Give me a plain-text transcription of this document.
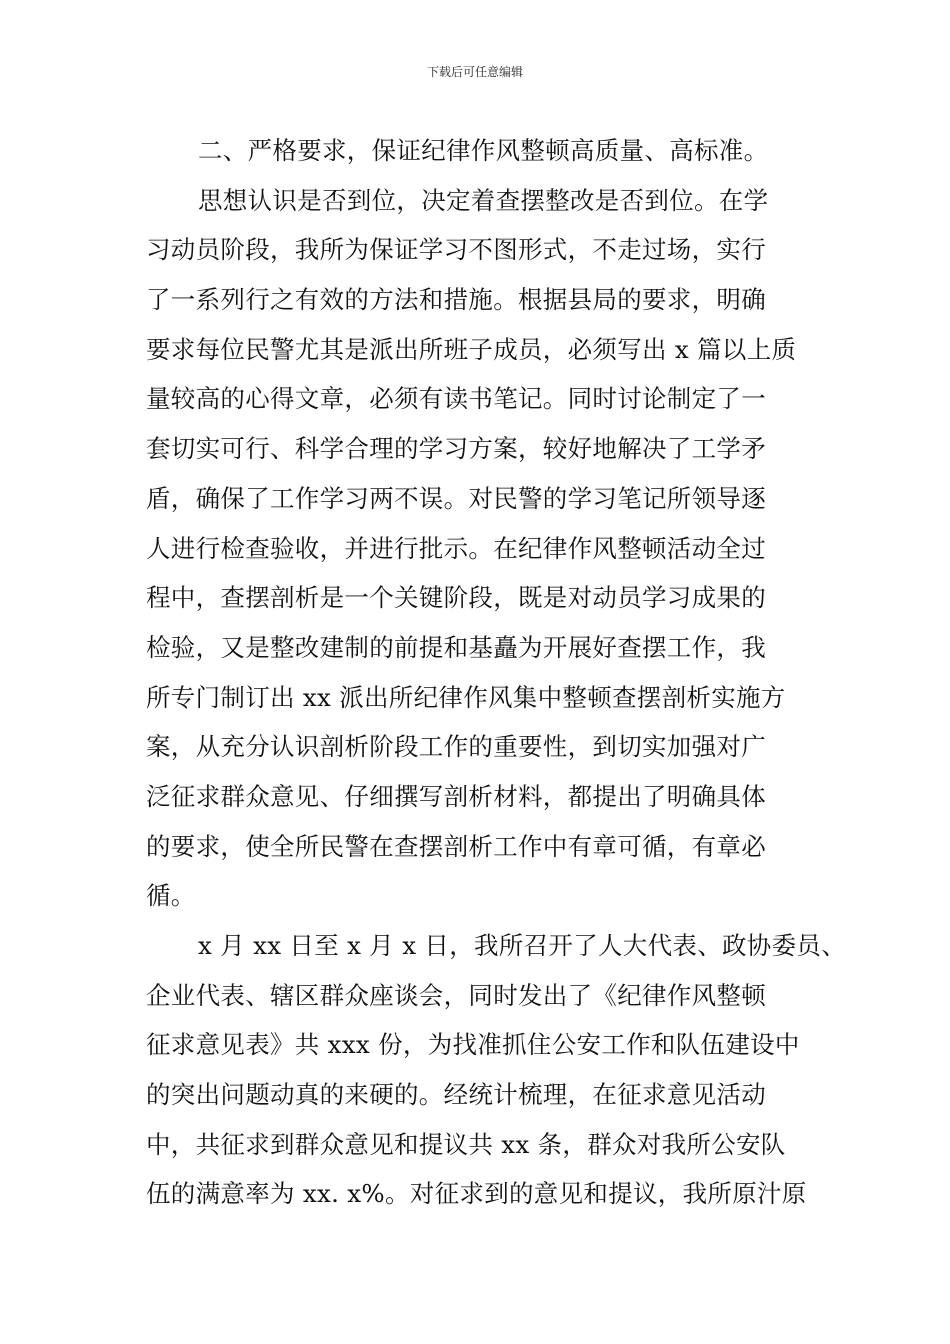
下载后可任意编辑
二、严格要求，保证纪律作风整顿高质量、高标准。
思想认识是否到位，决定着查摆整改是否到位。在学
习动员阶段，我所为保证学习不图形式，不走过场，实行
了一系列行之有效的方法和措施。根据县局的要求，明确
要求每位民警尤其是派出所班子成员，必须写出 x 篇以上质
量较高的心得文章，必须有读书笔记。同时讨论制定了一
套切实可行、科学合理的学习方案，较好地解决了工学矛
盾，确保了工作学习两不误。对民警的学习笔记所领导逐
人进行检查验收，并进行批示。在纪律作风整顿活动全过
程中，查摆剖析是一个关键阶段，既是对动员学习成果的
检验，又是整改建制的前提和基矗为开展好查摆工作，我
所专门制订出 xx 派出所纪律作风集中整顿查摆剖析实施方
案，从充分认识剖析阶段工作的重要性，到切实加强对广
泛征求群众意见、仔细撰写剖析材料，都提出了明确具体
的要求，使全所民警在查摆剖析工作中有章可循，有章必
循。
x 月 xx 日至 x 月 x 日，我所召开了人大代表、政协委员、
企业代表、辖区群众座谈会，同时发出了《纪律作风整顿
征求意见表》共 xxx 份，为找准抓住公安工作和队伍建设中
的突出问题动真的来硬的。经统计梳理，在征求意见活动
中，共征求到群众意见和提议共 xx 条，群众对我所公安队
伍的满意率为 xx. x%。对征求到的意见和提议，我所原汁原
